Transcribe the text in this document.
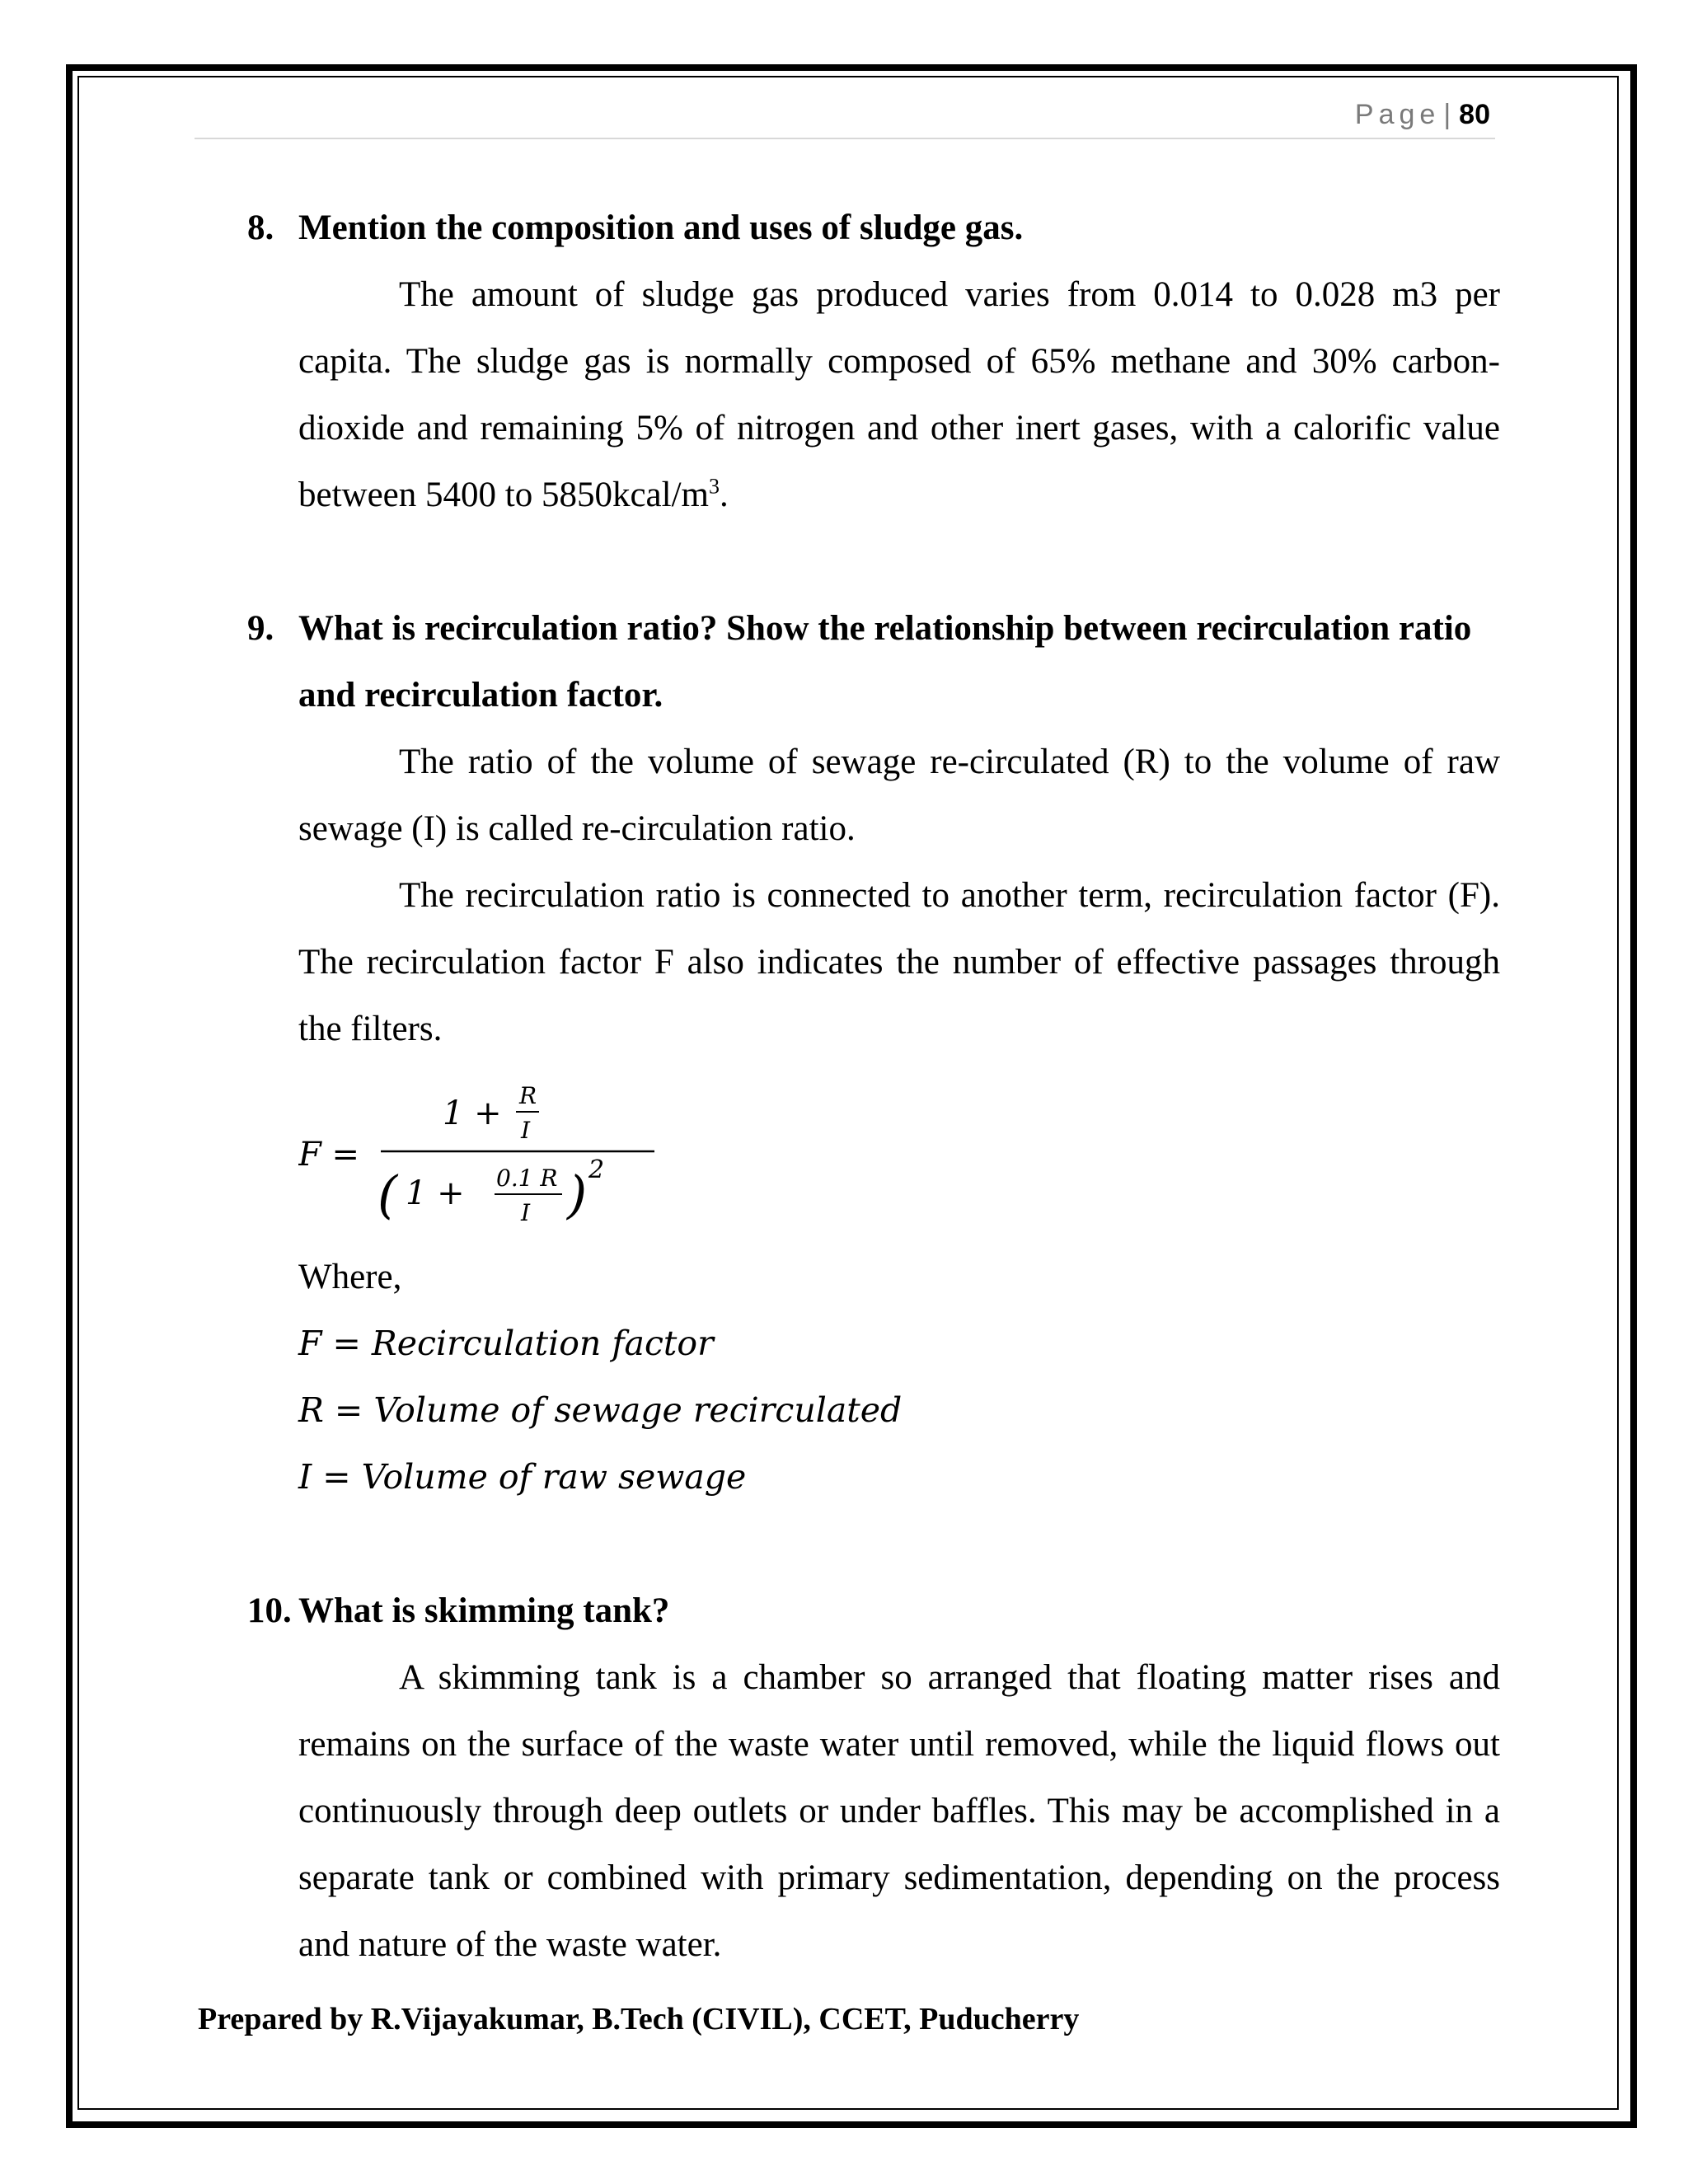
Page | 80
8. Mention the composition and uses of sludge gas.
The amount of sludge gas produced varies from 0.014 to 0.028 m3 per capita. The sludge gas is normally composed of 65% methane and 30% carbon-dioxide and remaining 5% of nitrogen and other inert gases, with a calorific value between 5400 to $5850kcal/m^3$.
9. What is recirculation ratio? Show the relationship between recirculation ratio and recirculation factor.
The ratio of the volume of sewage re-circulated (R) to the volume of raw sewage (I) is called re-circulation ratio.
The recirculation ratio is connected to another term, recirculation factor (F). The recirculation factor F also indicates the number of effective passages through the filters.
F =
1 + R
I
( 1 + 0.1 R
I ) 2
Where,
F = Recirculation factor
R = Volume of sewage recirculated
I = Volume of raw sewage
10. What is skimming tank?
A skimming tank is a chamber so arranged that floating matter rises and remains on the surface of the waste water until removed, while the liquid flows out continuously through deep outlets or under baffles. This may be accomplished in a separate tank or combined with primary sedimentation, depending on the process and nature of the waste water.
Prepared by R.Vijayakumar, B.Tech (CIVIL), CCET, Puducherry
